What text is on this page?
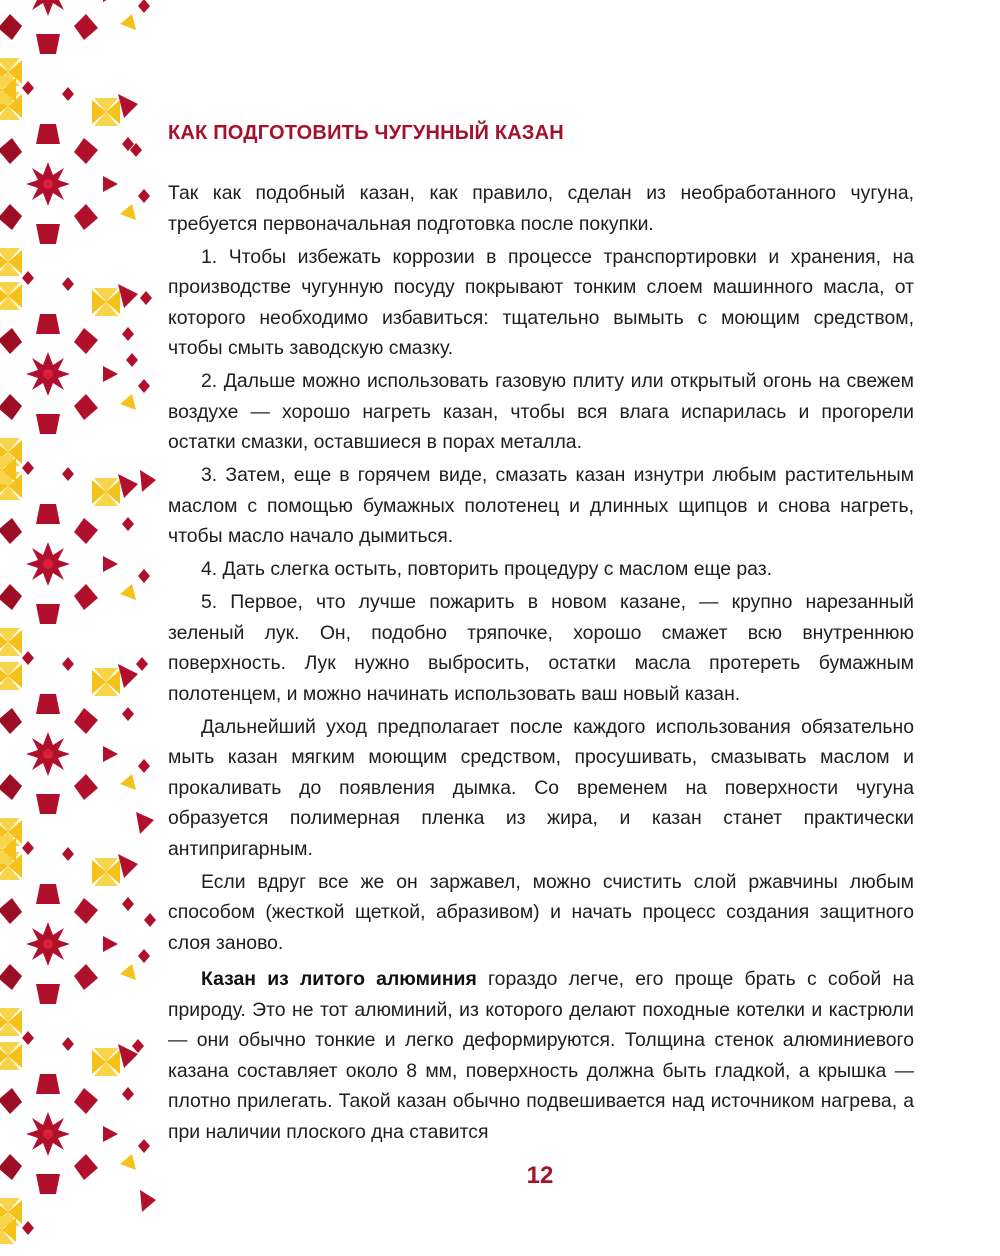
КАК ПОДГОТОВИТЬ ЧУГУННЫЙ КАЗАН

Так как подобный казан, как правило, сделан из необработанного чугуна, требуется первоначальная подготовка после покупки.

1. Чтобы избежать коррозии в процессе транспортировки и хранения, на производстве чугунную посуду покрывают тонким слоем машинного масла, от которого необходимо избавиться: тщательно вымыть с моющим средством, чтобы смыть заводскую смазку.

2. Дальше можно использовать газовую плиту или открытый огонь на свежем воздухе — хорошо нагреть казан, чтобы вся влага испарилась и прогорели остатки смазки, оставшиеся в порах металла.

3. Затем, еще в горячем виде, смазать казан изнутри любым растительным маслом с помощью бумажных полотенец и длинных щипцов и снова нагреть, чтобы масло начало дымиться.

4. Дать слегка остыть, повторить процедуру с маслом еще раз.

5. Первое, что лучше пожарить в новом казане, — крупно нарезанный зеленый лук. Он, подобно тряпочке, хорошо смажет всю внутреннюю поверхность. Лук нужно выбросить, остатки масла протереть бумажным полотенцем, и можно начинать использовать ваш новый казан.

Дальнейший уход предполагает после каждого использования обязательно мыть казан мягким моющим средством, просушивать, смазывать маслом и прокаливать до появления дымка. Со временем на поверхности чугуна образуется полимерная пленка из жира, и казан станет практически антипригарным.

Если вдруг все же он заржавел, можно счистить слой ржавчины любым способом (жесткой щеткой, абразивом) и начать процесс создания защитного слоя заново.

Казан из литого алюминия гораздо легче, его проще брать с собой на природу. Это не тот алюминий, из которого делают походные котелки и кастрюли — они обычно тонкие и легко деформируются. Толщина стенок алюминиевого казана составляет около 8 мм, поверхность должна быть гладкой, а крышка — плотно прилегать. Такой казан обычно подвешивается над источником нагрева, а при наличии плоского дна ставится

12
